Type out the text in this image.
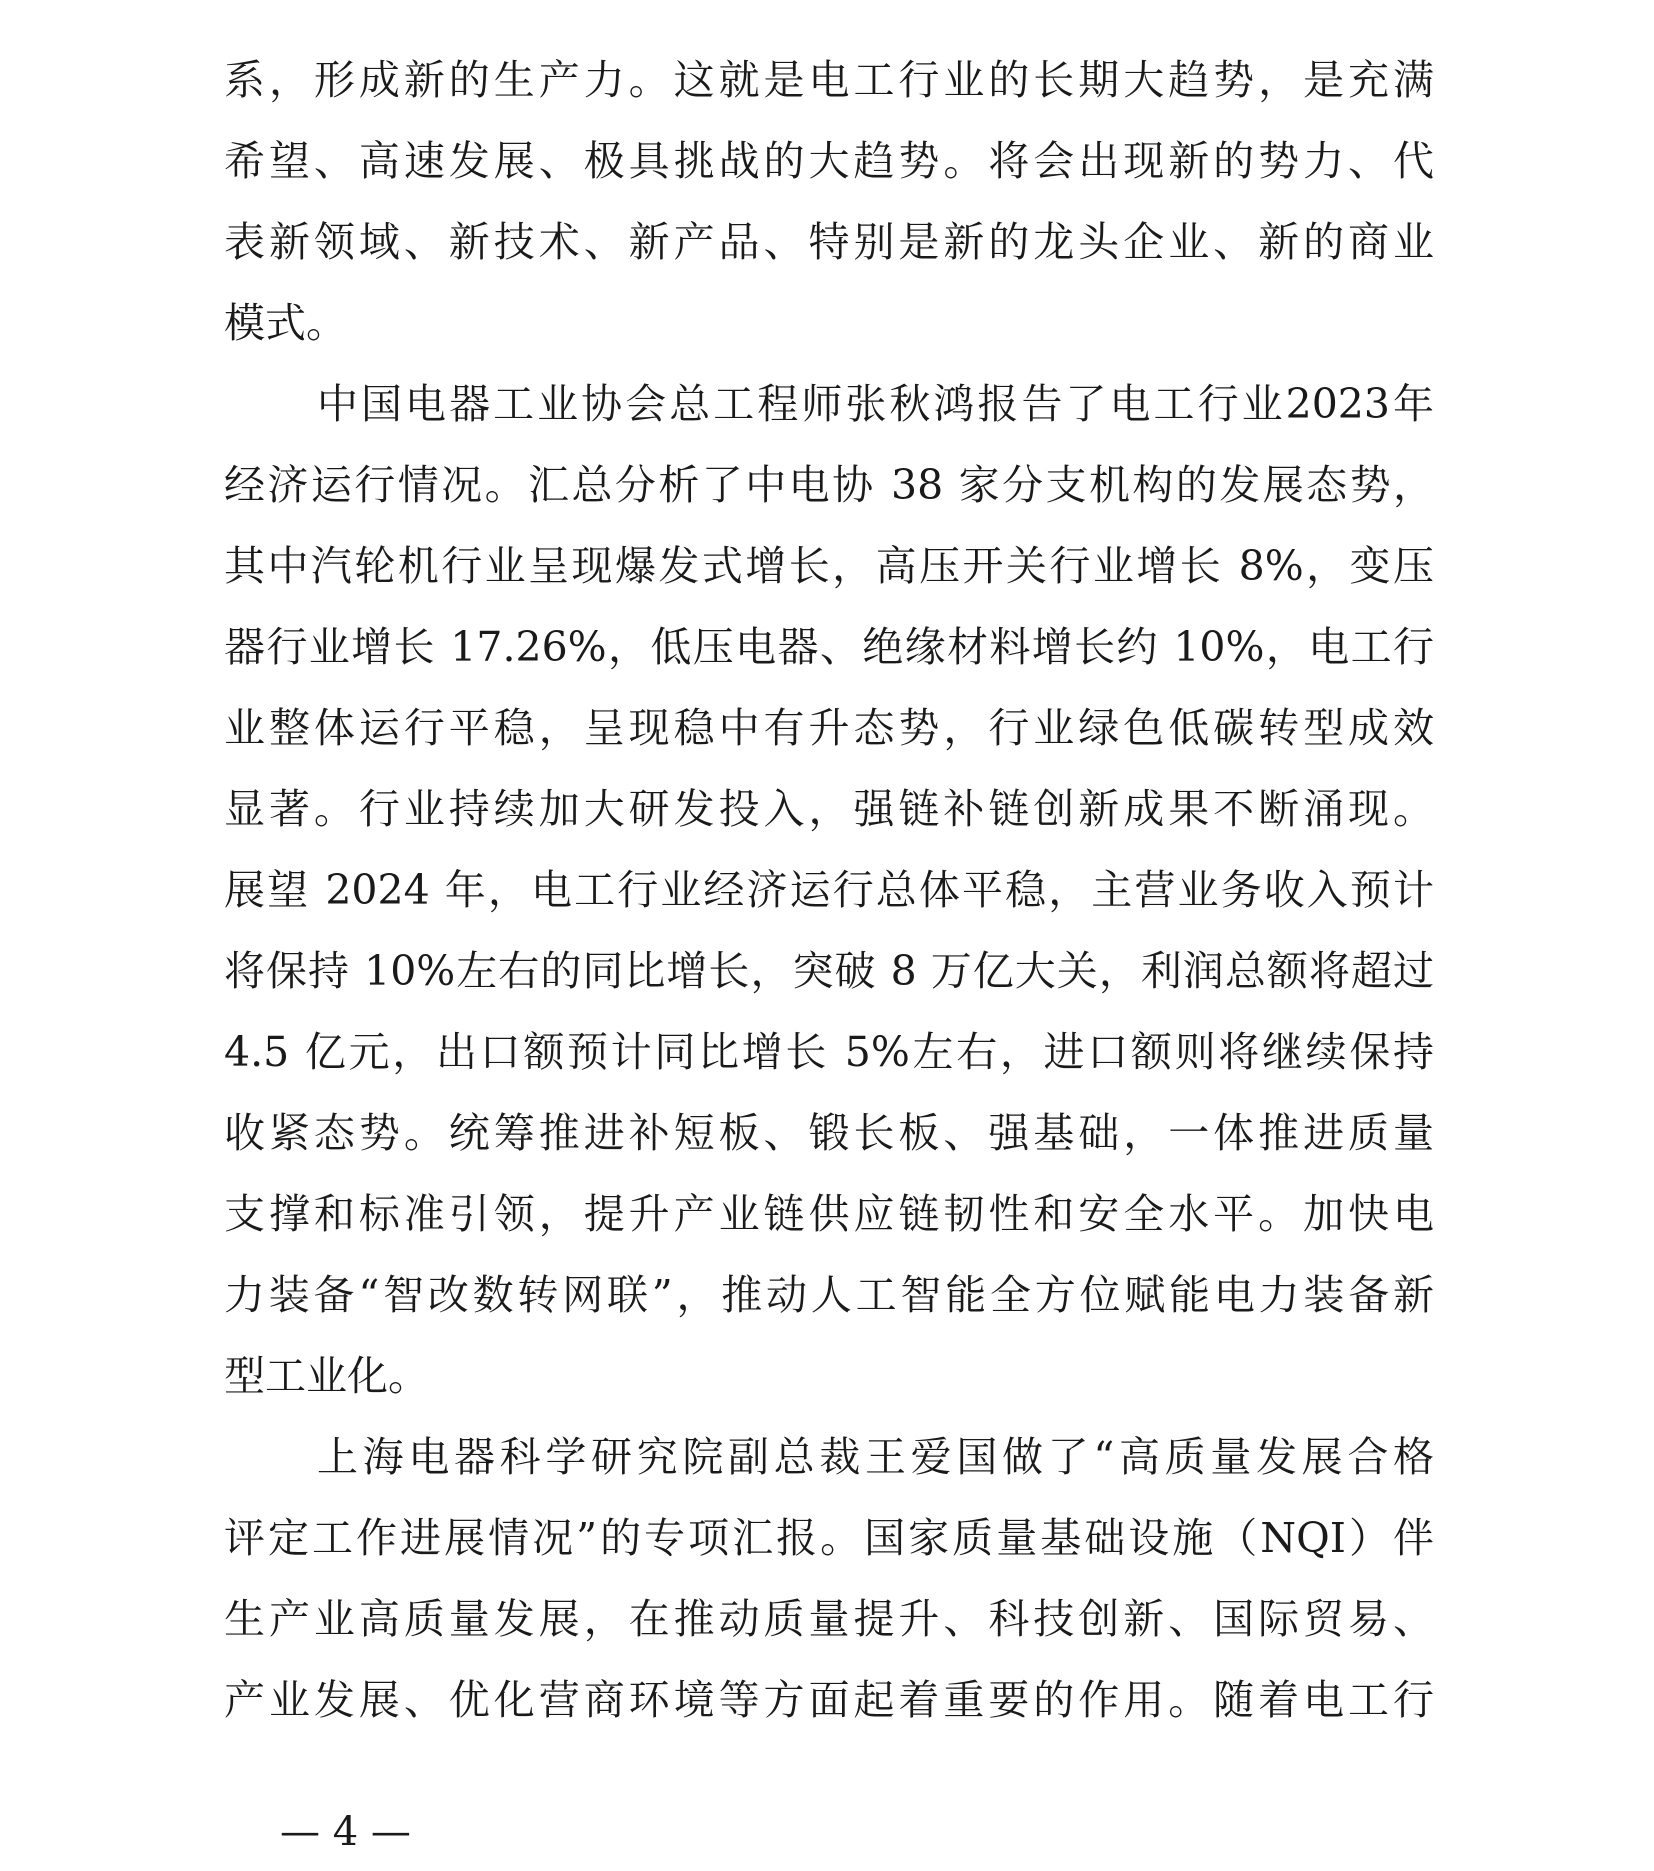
系，形成新的生产力。这就是电工行业的长期大趋势，是充满
希望、高速发展、极具挑战的大趋势。将会出现新的势力、代
表新领域、新技术、新产品、特别是新的龙头企业、新的商业
模式。
中国电器工业协会总工程师张秋鸿报告了电工行业2023年
经济运行情况。汇总分析了中电协 38 家分支机构的发展态势，
其中汽轮机行业呈现爆发式增长，高压开关行业增长 8%，变压
器行业增长 17.26%，低压电器、绝缘材料增长约 10%，电工行
业整体运行平稳，呈现稳中有升态势，行业绿色低碳转型成效
显著。行业持续加大研发投入，强链补链创新成果不断涌现。
展望 2024 年，电工行业经济运行总体平稳，主营业务收入预计
将保持 10%左右的同比增长，突破 8 万亿大关，利润总额将超过
4.5 亿元，出口额预计同比增长 5%左右，进口额则将继续保持
收紧态势。统筹推进补短板、锻长板、强基础，一体推进质量
支撑和标准引领，提升产业链供应链韧性和安全水平。加快电
力装备“智改数转网联”，推动人工智能全方位赋能电力装备新
型工业化。
上海电器科学研究院副总裁王爱国做了“高质量发展合格
评定工作进展情况”的专项汇报。国家质量基础设施（NQI）伴
生产业高质量发展，在推动质量提升、科技创新、国际贸易、
产业发展、优化营商环境等方面起着重要的作用。随着电工行
— 4 —
